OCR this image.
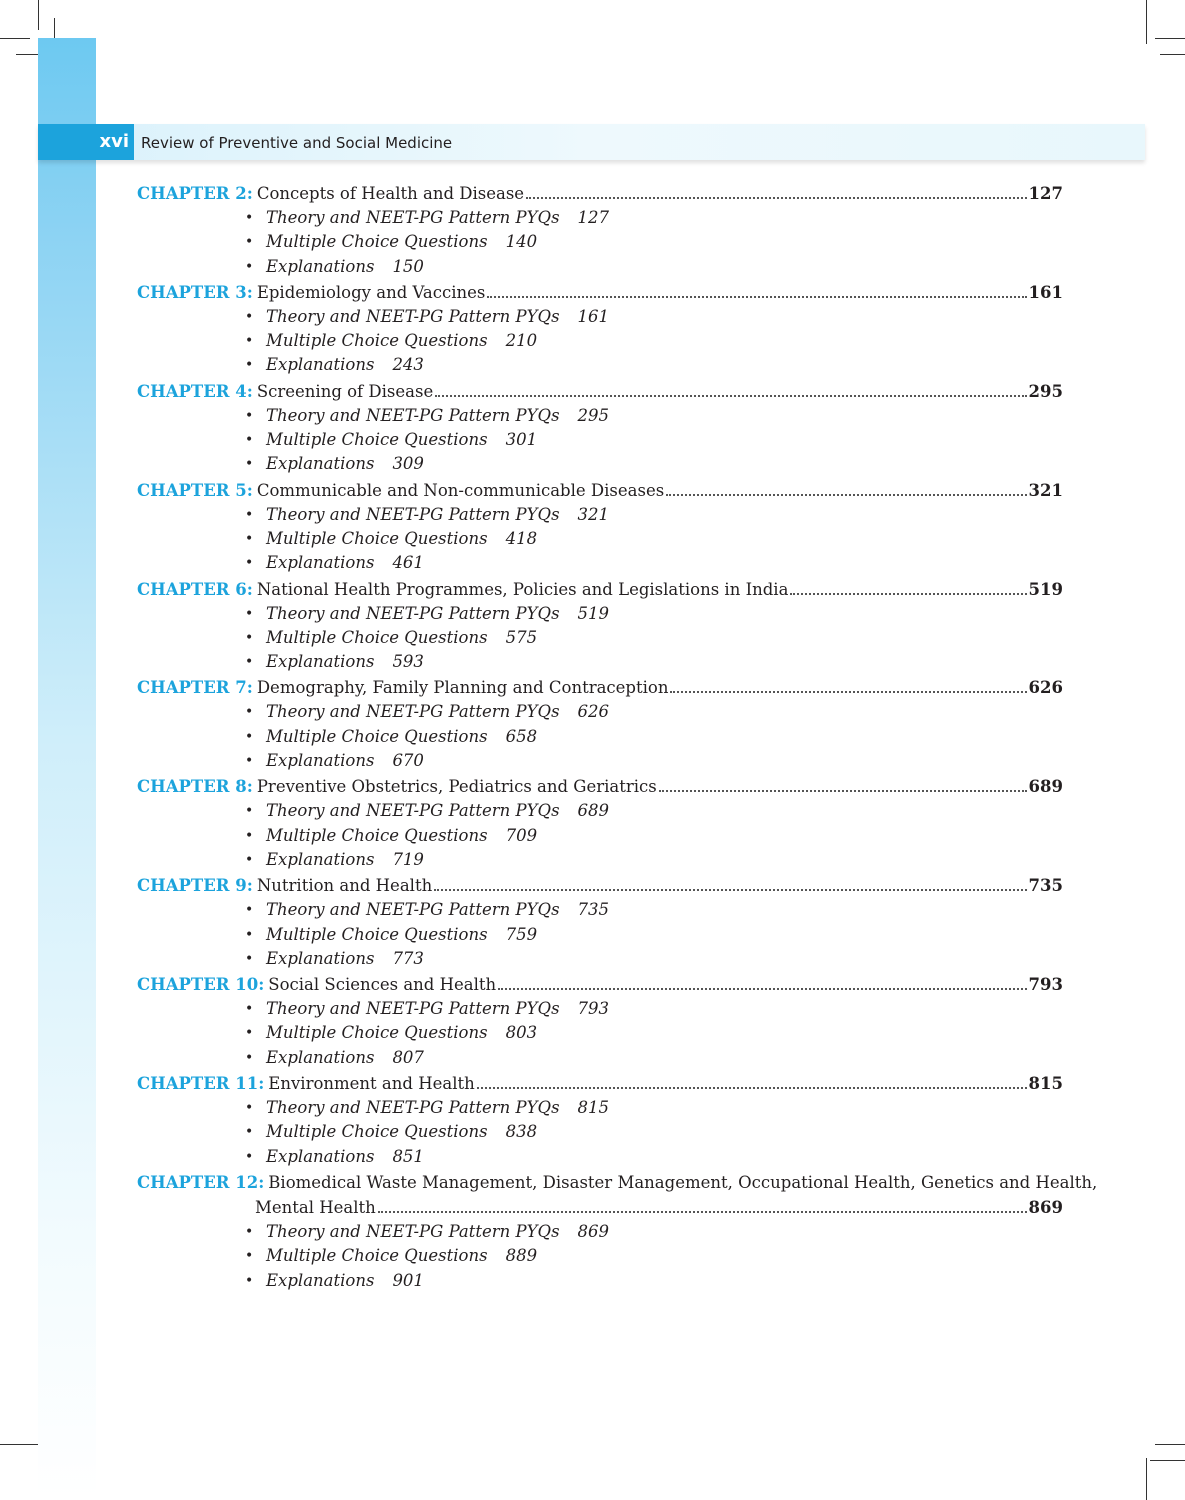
xvi Review of Preventive and Social Medicine
CHAPTER 2: Concepts of Health and Disease	127
• Theory and NEET-PG Pattern PYQs 127
• Multiple Choice Questions 140
• Explanations 150
CHAPTER 3: Epidemiology and Vaccines	161
• Theory and NEET-PG Pattern PYQs 161
• Multiple Choice Questions 210
• Explanations 243
CHAPTER 4: Screening of Disease	295
• Theory and NEET-PG Pattern PYQs 295
• Multiple Choice Questions 301
• Explanations 309
CHAPTER 5: Communicable and Non-communicable Diseases	321
• Theory and NEET-PG Pattern PYQs 321
• Multiple Choice Questions 418
• Explanations 461
CHAPTER 6: National Health Programmes, Policies and Legislations in India	519
• Theory and NEET-PG Pattern PYQs 519
• Multiple Choice Questions 575
• Explanations 593
CHAPTER 7: Demography, Family Planning and Contraception	626
• Theory and NEET-PG Pattern PYQs 626
• Multiple Choice Questions 658
• Explanations 670
CHAPTER 8: Preventive Obstetrics, Pediatrics and Geriatrics	689
• Theory and NEET-PG Pattern PYQs 689
• Multiple Choice Questions 709
• Explanations 719
CHAPTER 9: Nutrition and Health	735
• Theory and NEET-PG Pattern PYQs 735
• Multiple Choice Questions 759
• Explanations 773
CHAPTER 10: Social Sciences and Health	793
• Theory and NEET-PG Pattern PYQs 793
• Multiple Choice Questions 803
• Explanations 807
CHAPTER 11: Environment and Health	815
• Theory and NEET-PG Pattern PYQs 815
• Multiple Choice Questions 838
• Explanations 851
CHAPTER 12: Biomedical Waste Management, Disaster Management, Occupational Health, Genetics and Health,
Mental Health	869
• Theory and NEET-PG Pattern PYQs 869
• Multiple Choice Questions 889
• Explanations 901
